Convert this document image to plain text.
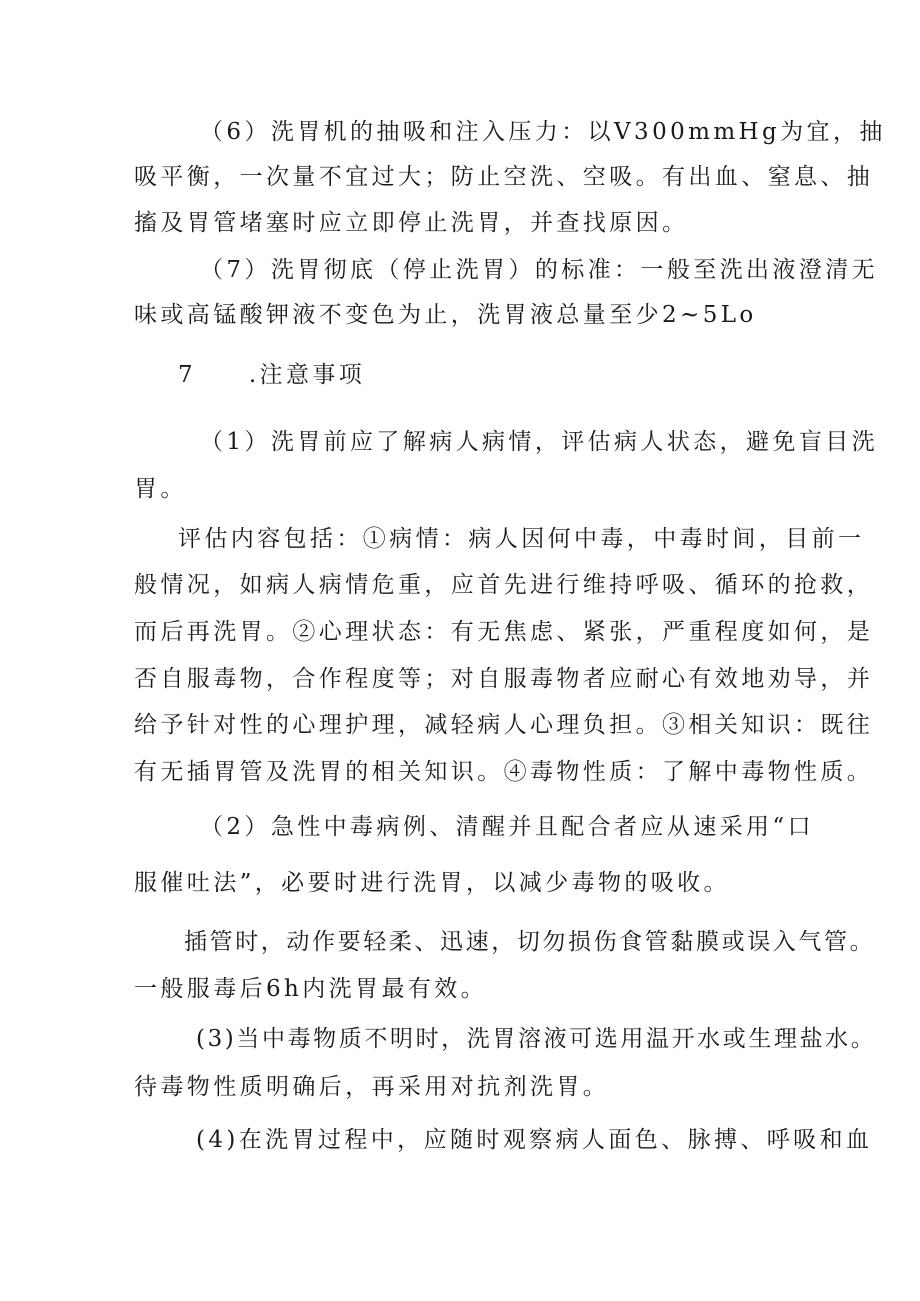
（6）洗胃机的抽吸和注入压力：以V300mmHg为宜，抽
吸平衡，一次量不宜过大；防止空洗、空吸。有出血、窒息、抽
搐及胃管堵塞时应立即停止洗胃，并查找原因。
（7）洗胃彻底（停止洗胃）的标准：一般至洗出液澄清无
味或高锰酸钾液不变色为止，洗胃液总量至少2~5Lo
7　　.注意事项
（1）洗胃前应了解病人病情，评估病人状态，避免盲目洗
胃。
评估内容包括：①病情：病人因何中毒，中毒时间，目前一
般情况，如病人病情危重，应首先进行维持呼吸、循环的抢救，
而后再洗胃。②心理状态：有无焦虑、紧张，严重程度如何，是
否自服毒物，合作程度等；对自服毒物者应耐心有效地劝导，并
给予针对性的心理护理，减轻病人心理负担。③相关知识：既往
有无插胃管及洗胃的相关知识。④毒物性质：了解中毒物性质。
（2）急性中毒病例、清醒并且配合者应从速采用“口
服催吐法”，必要时进行洗胃，以减少毒物的吸收。
插管时，动作要轻柔、迅速，切勿损伤食管黏膜或误入气管。
一般服毒后6h内洗胃最有效。
(3)当中毒物质不明时，洗胃溶液可选用温开水或生理盐水。
待毒物性质明确后，再采用对抗剂洗胃。
(4)在洗胃过程中，应随时观察病人面色、脉搏、呼吸和血
